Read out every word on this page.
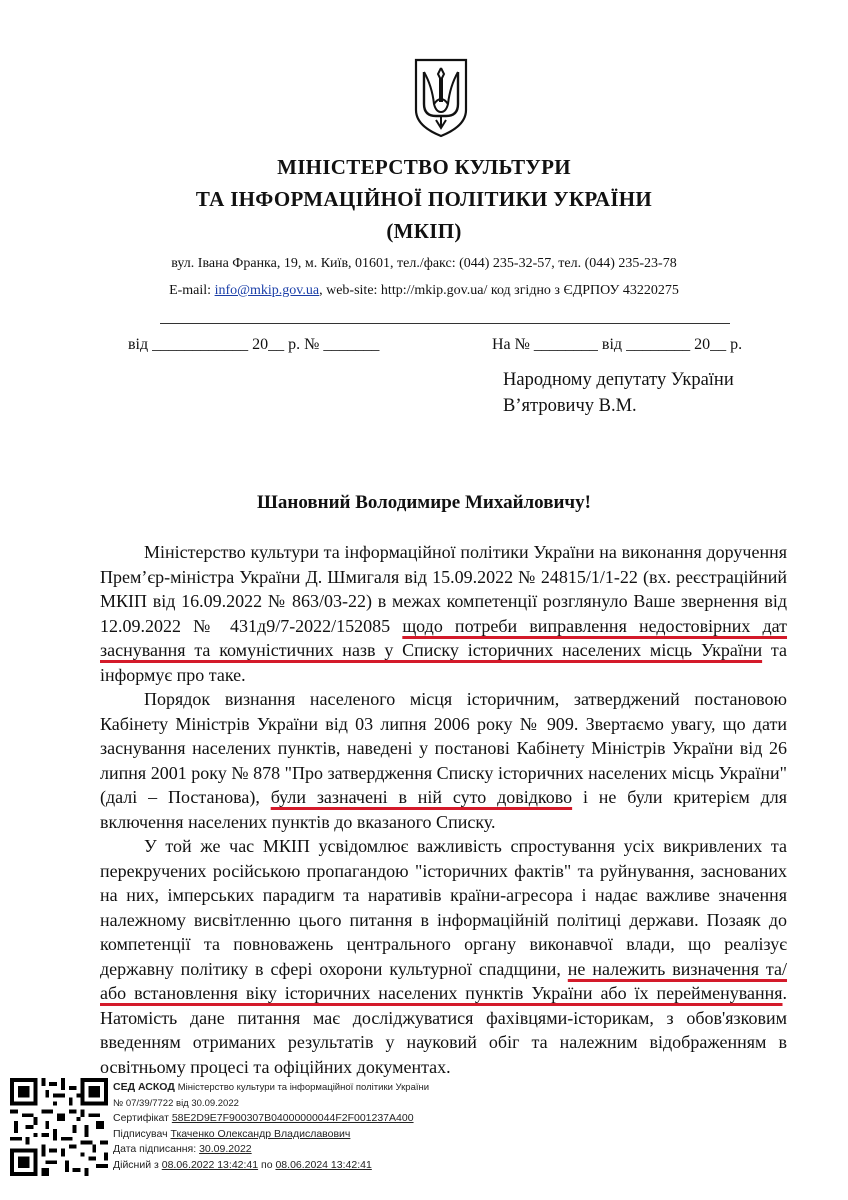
МІНІСТЕРСТВО КУЛЬТУРИ
ТА ІНФОРМАЦІЙНОЇ ПОЛІТИКИ УКРАЇНИ
(МКІП)
вул. Івана Франка, 19, м. Київ, 01601, тел./факс: (044) 235-32-57, тел. (044) 235-23-78
E-mail: info@mkip.gov.ua, web-site: http://mkip.gov.ua/ код згідно з ЄДРПОУ 43220275
від ____________ 20__ р. № _______	На № ________ від ________ 20__ р.
Народному депутату України
В’ятровичу В.М.
Шановний Володимире Михайловичу!

Міністерство культури та інформаційної політики України на виконання доручення Прем’єр-міністра України Д. Шмигаля від 15.09.2022 № 24815/1/1-22 (вх. реєстраційний МКІП від 16.09.2022 № 863/03-22) в межах компетенції розглянуло Ваше звернення від 12.09.2022 № 431д9/7-2022/152085 щодо потреби виправлення недостовірних дат заснування та комуністичних назв у Списку історичних населених місць України та інформує про таке.

Порядок визнання населеного місця історичним, затверджений постановою Кабінету Міністрів України від 03 липня 2006 року № 909. Звертаємо увагу, що дати заснування населених пунктів, наведені у постанові Кабінету Міністрів України від 26 липня 2001 року № 878 "Про затвердження Списку історичних населених місць України" (далі – Постанова), були зазначені в ній суто довідково і не були критерієм для включення населених пунктів до вказаного Списку.

У той же час МКІП усвідомлює важливість спростування усіх викривлених та перекручених російською пропагандою "історичних фактів" та руйнування, заснованих на них, імперських парадигм та наративів країни-агресора і надає важливе значення належному висвітленню цього питання в інформаційній політиці держави. Позаяк до компетенції та повноважень центрального органу виконавчої влади, що реалізує державну політику в сфері охорони культурної спадщини, не належить визначення та/або встановлення віку історичних населених пунктів України або їх перейменування. Натомість дане питання має досліджуватися фахівцями-історикам, з обов'язковим введенням отриманих результатів у науковий обіг та належним відображенням в освітньому процесі та офіційних документах.

СЕД АСКОД Міністерство культури та інформаційної політики України
№ 07/39/7722 від 30.09.2022
Сертифікат 58E2D9E7F900307B04000000044F2F001237A400
Підписувач Ткаченко Олександр Владиславович
Дата підписання: 30.09.2022
Дійсний з 08.06.2022 13:42:41 по 08.06.2024 13:42:41
